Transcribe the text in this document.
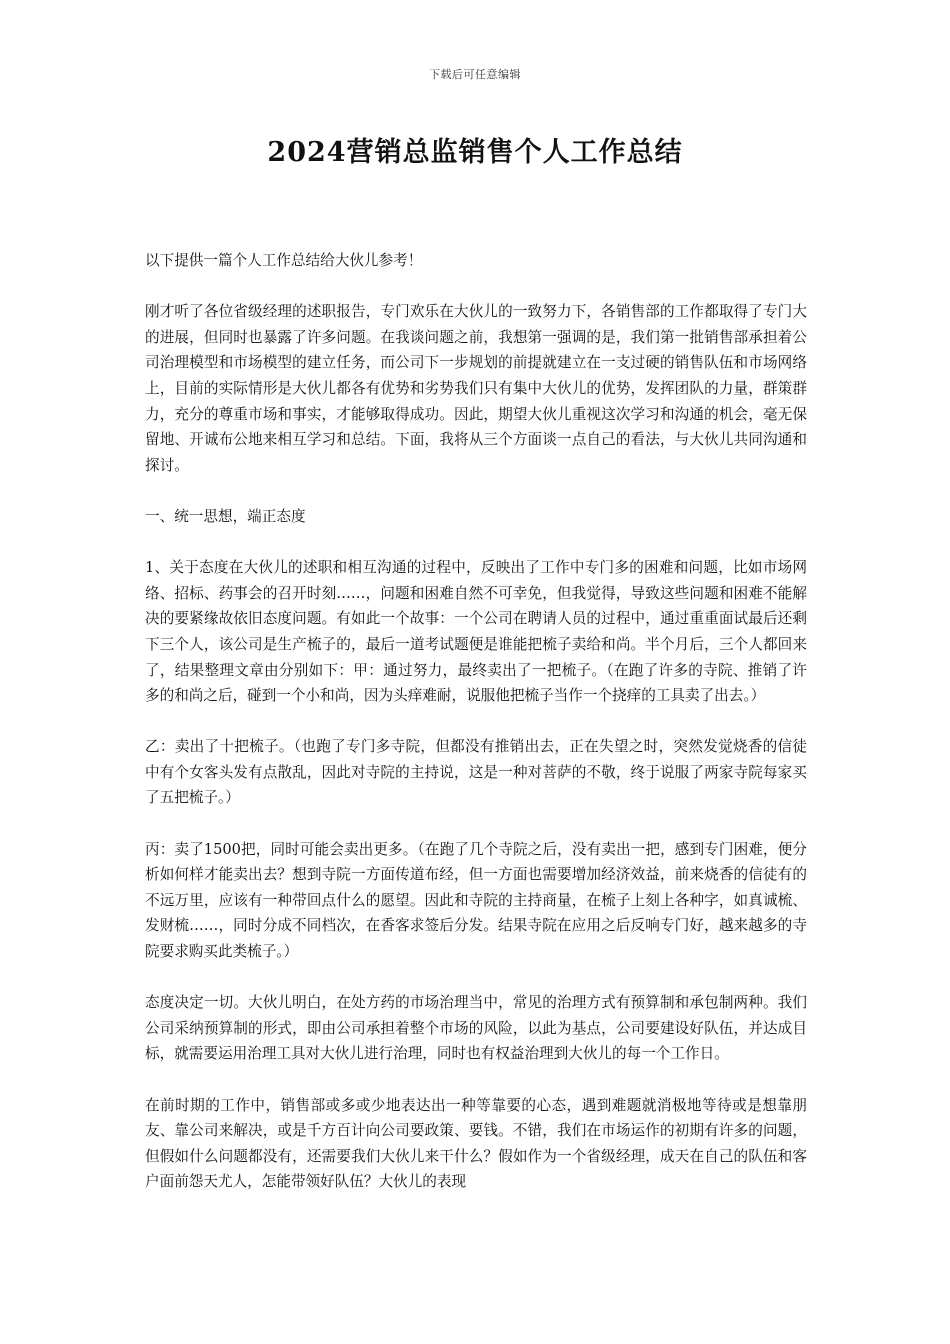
下载后可任意编辑
2024营销总监销售个人工作总结

以下提供一篇个人工作总结给大伙儿参考！

刚才听了各位省级经理的述职报告，专门欢乐在大伙儿的一致努力下，各销售部的工作都取得了专门大的进展，但同时也暴露了许多问题。在我谈问题之前，我想第一强调的是，我们第一批销售部承担着公司治理模型和市场模型的建立任务，而公司下一步规划的前提就建立在一支过硬的销售队伍和市场网络上，目前的实际情形是大伙儿都各有优势和劣势我们只有集中大伙儿的优势，发挥团队的力量，群策群力，充分的尊重市场和事实，才能够取得成功。因此，期望大伙儿重视这次学习和沟通的机会，毫无保留地、开诚布公地来相互学习和总结。下面，我将从三个方面谈一点自己的看法，与大伙儿共同沟通和探讨。

一、统一思想，端正态度

1、关于态度在大伙儿的述职和相互沟通的过程中，反映出了工作中专门多的困难和问题，比如市场网络、招标、药事会的召开时刻……，问题和困难自然不可幸免，但我觉得，导致这些问题和困难不能解决的要紧缘故依旧态度问题。有如此一个故事：一个公司在聘请人员的过程中，通过重重面试最后还剩下三个人，该公司是生产梳子的，最后一道考试题便是谁能把梳子卖给和尚。半个月后，三个人都回来了，结果整理文章由分别如下：甲：通过努力，最终卖出了一把梳子。（在跑了许多的寺院、推销了许多的和尚之后，碰到一个小和尚，因为头痒难耐，说服他把梳子当作一个挠痒的工具卖了出去。）

乙：卖出了十把梳子。（也跑了专门多寺院，但都没有推销出去，正在失望之时，突然发觉烧香的信徒中有个女客头发有点散乱，因此对寺院的主持说，这是一种对菩萨的不敬，终于说服了两家寺院每家买了五把梳子。）

丙：卖了1500把，同时可能会卖出更多。（在跑了几个寺院之后，没有卖出一把，感到专门困难，便分析如何样才能卖出去？想到寺院一方面传道布经，但一方面也需要增加经济效益，前来烧香的信徒有的不远万里，应该有一种带回点什么的愿望。因此和寺院的主持商量，在梳子上刻上各种字，如真诚梳、发财梳……，同时分成不同档次，在香客求签后分发。结果寺院在应用之后反响专门好，越来越多的寺院要求购买此类梳子。）

态度决定一切。大伙儿明白，在处方药的市场治理当中，常见的治理方式有预算制和承包制两种。我们公司采纳预算制的形式，即由公司承担着整个市场的风险，以此为基点，公司要建设好队伍，并达成目标，就需要运用治理工具对大伙儿进行治理，同时也有权益治理到大伙儿的每一个工作日。

在前时期的工作中，销售部或多或少地表达出一种等靠要的心态，遇到难题就消极地等待或是想靠朋友、靠公司来解决，或是千方百计向公司要政策、要钱。不错，我们在市场运作的初期有许多的问题，但假如什么问题都没有，还需要我们大伙儿来干什么？假如作为一个省级经理，成天在自己的队伍和客户面前怨天尤人，怎能带领好队伍？大伙儿的表现
